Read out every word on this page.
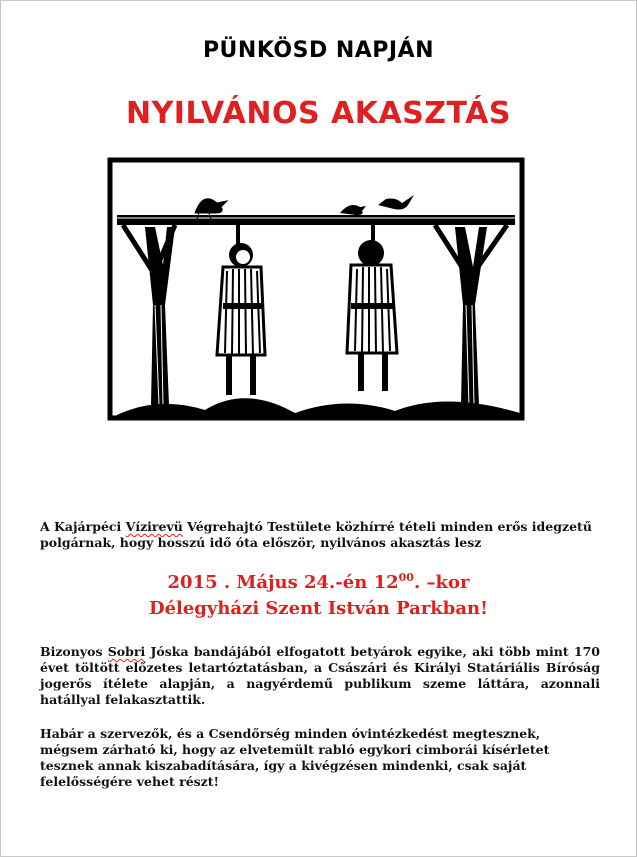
PÜNKÖSD NAPJÁN
NYILVÁNOS AKASZTÁS
A Kajárpéci Vízirevü Végrehajtó Testülete közhírré tételi minden erős idegzetű polgárnak, hogy hosszú idő óta először, nyilvános akasztás lesz
2015 . Május 24.-én $12^{00}$. –kor
Délegyházi Szent István Parkban!
Bizonyos Sobri Jóska bandájából elfogatott betyárok egyike, aki több mint 170 évet töltött előzetes letartóztatásban, a Császári és Királyi Statáriális Bíróság jogerős ítélete alapján, a nagyérdemű publikum szeme láttára, azonnali hatállyal felakasztattik.
Habár a szervezők, és a Csendőrség minden óvintézkedést megtesznek, mégsem zárható ki, hogy az elvetemült rabló egykori cimborái kísérletet tesznek annak kiszabadítására, így a kivégzésen mindenki, csak saját felelősségére vehet részt!
